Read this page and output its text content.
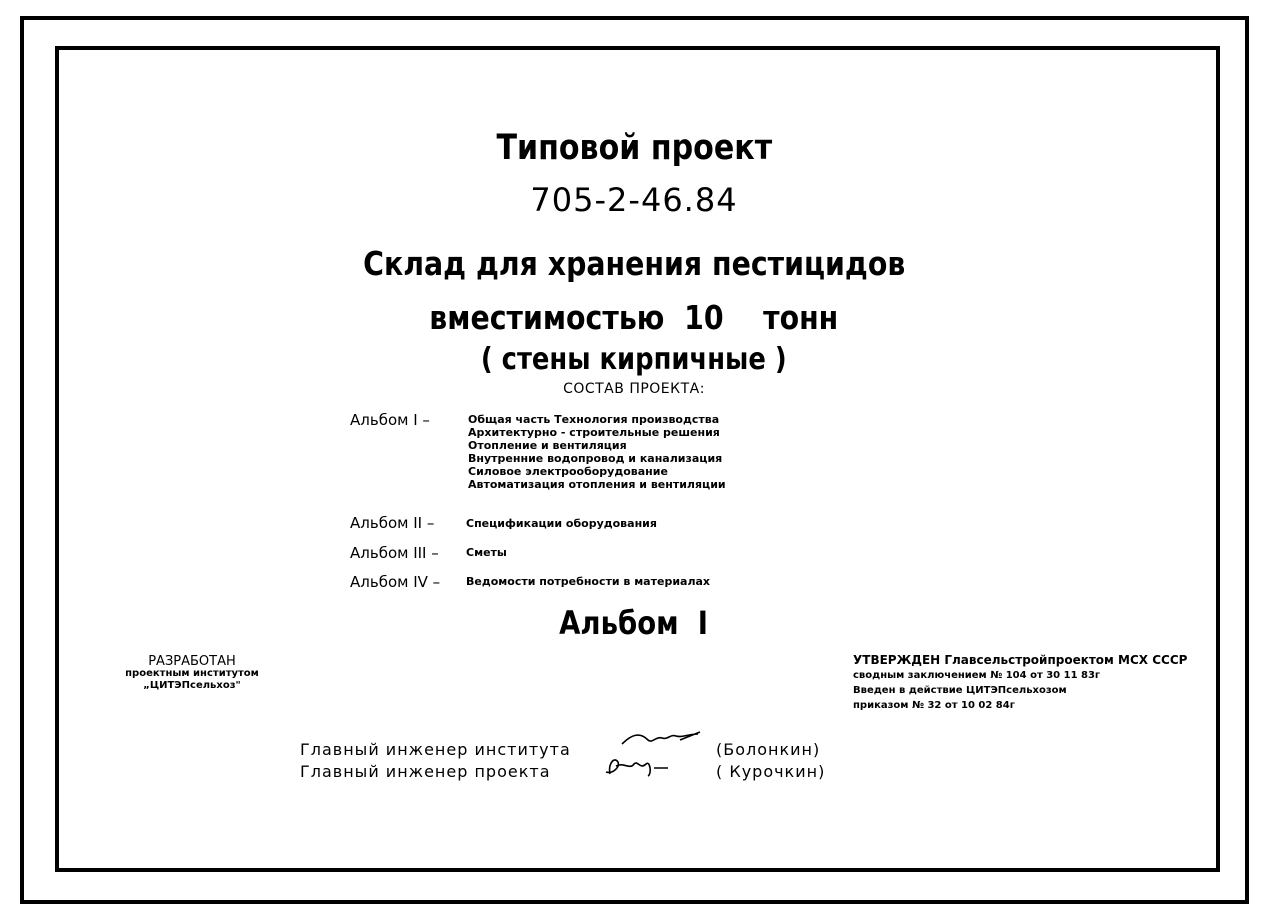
Типовой проект
705-2-46.84
Склад для хранения пестицидов
вместимостью  10    тонн
( стены кирпичные )
СОСТАВ ПРОЕКТА:
Альбом I –	Общая часть Технология производства
Архитектурно - строительные решения
Отопление и вентиляция
Внутренние водопровод и канализация
Силовое электрооборудование
Автоматизация отопления и вентиляции
Альбом II –	Спецификации оборудования
Альбом III – Сметы
Альбом IV – Ведомости потребности в материалах
Альбом  I
РАЗРАБОТАН
проектным институтом
„ЦИТЭПсельхоз"
УТВЕРЖДЕН Главсельстройпроектом МСХ СССР
сводным заключением № 104 от 30 11 83г
Введен в действие ЦИТЭПсельхозом
приказом № 32 от 10 02 84г
Главный инженер института
Главный инженер проекта
(Болонкин)
( Курочкин)
